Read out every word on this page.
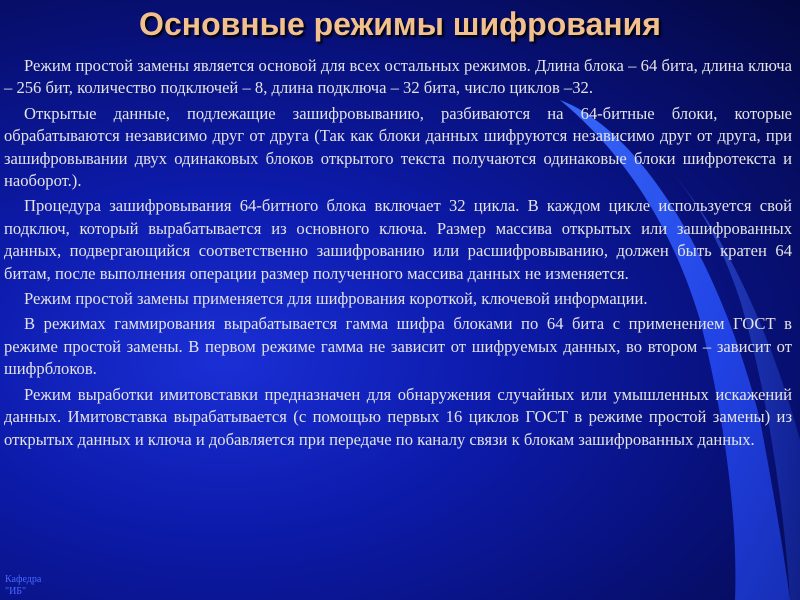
Основные режимы шифрования

Режим простой замены является основой для всех остальных режимов. Длина блока – 64 бита, длина ключа – 256 бит, количество подключей – 8, длина подключа – 32 бита, число циклов –32.

Открытые данные, подлежащие зашифровыванию, разбиваются на 64-битные блоки, которые обрабатываются независимо друг от друга (Так как блоки данных шифруются независимо друг от друга, при зашифровывании двух одинаковых блоков открытого текста получаются одинаковые блоки шифротекста и наоборот.).

Процедура зашифровывания 64-битного блока включает 32 цикла. В каждом цикле используется свой подключ, который вырабатывается из основного ключа. Размер массива открытых или зашифрованных данных, подвергающийся соответственно зашифрованию или расшифровыванию, должен быть кратен 64 битам, после выполнения операции размер полученного массива данных не изменяется.

Режим простой замены применяется для шифрования короткой, ключевой информации.

В режимах гаммирования вырабатывается гамма шифра блоками по 64 бита с применением ГОСТ в режиме простой замены. В первом режиме гамма не зависит от шифруемых данных, во втором – зависит от шифрблоков.

Режим выработки имитовставки предназначен для обнаружения случайных или умышленных искажений данных. Имитовставка вырабатывается (с помощью первых 16 циклов ГОСТ в режиме простой замены) из открытых данных и ключа и добавляется при передаче по каналу связи к блокам зашифрованных данных.

Кафедра
"ИБ"
